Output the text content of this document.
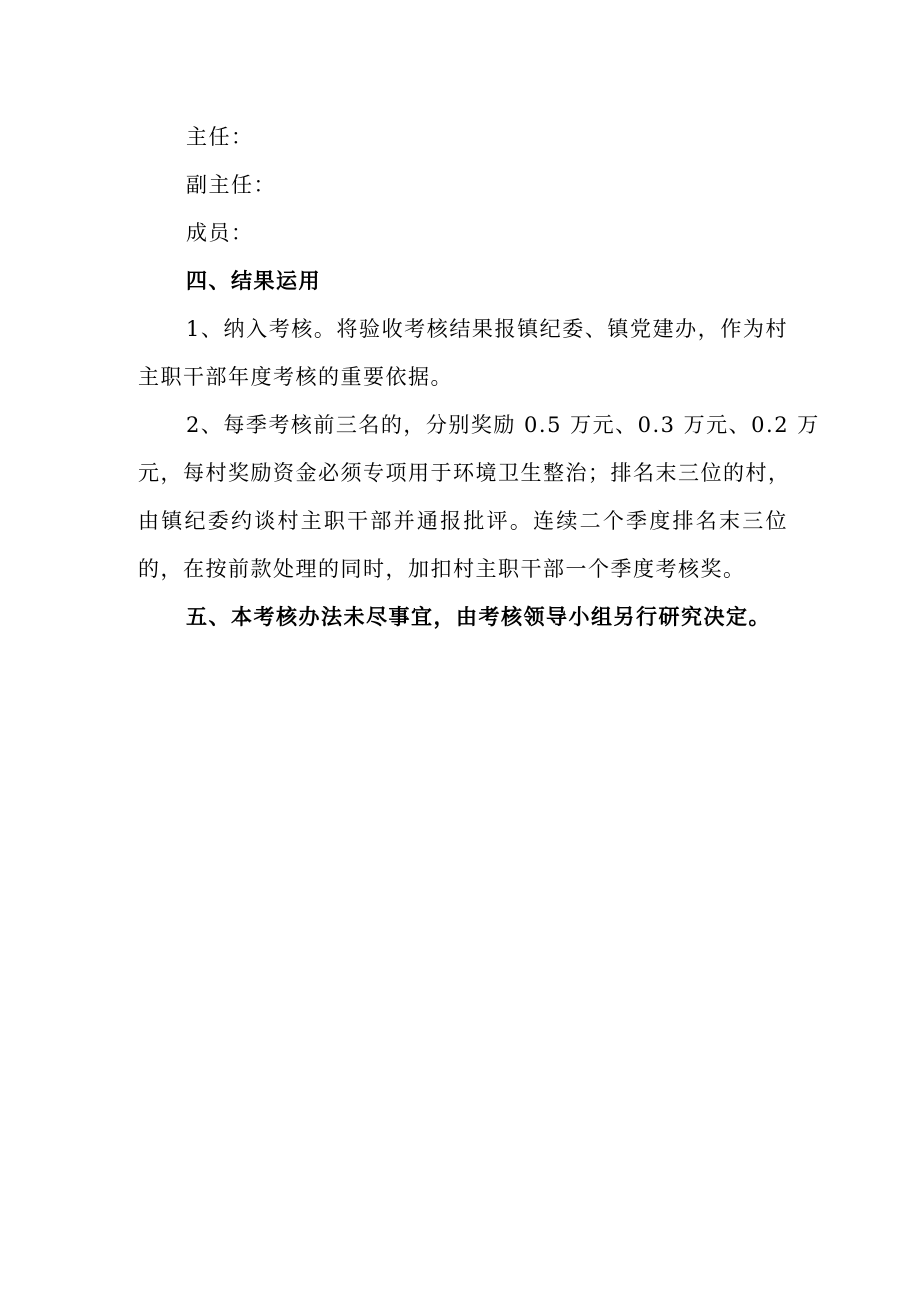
主任：
副主任：
成员：
四、结果运用

1、纳入考核。将验收考核结果报镇纪委、镇党建办，作为村

主职干部年度考核的重要依据。

2、每季考核前三名的，分别奖励 0.5 万元、0.3 万元、0.2 万

元，每村奖励资金必须专项用于环境卫生整治；排名末三位的村，

由镇纪委约谈村主职干部并通报批评。连续二个季度排名末三位

的，在按前款处理的同时，加扣村主职干部一个季度考核奖。

五、本考核办法未尽事宜，由考核领导小组另行研究决定。
